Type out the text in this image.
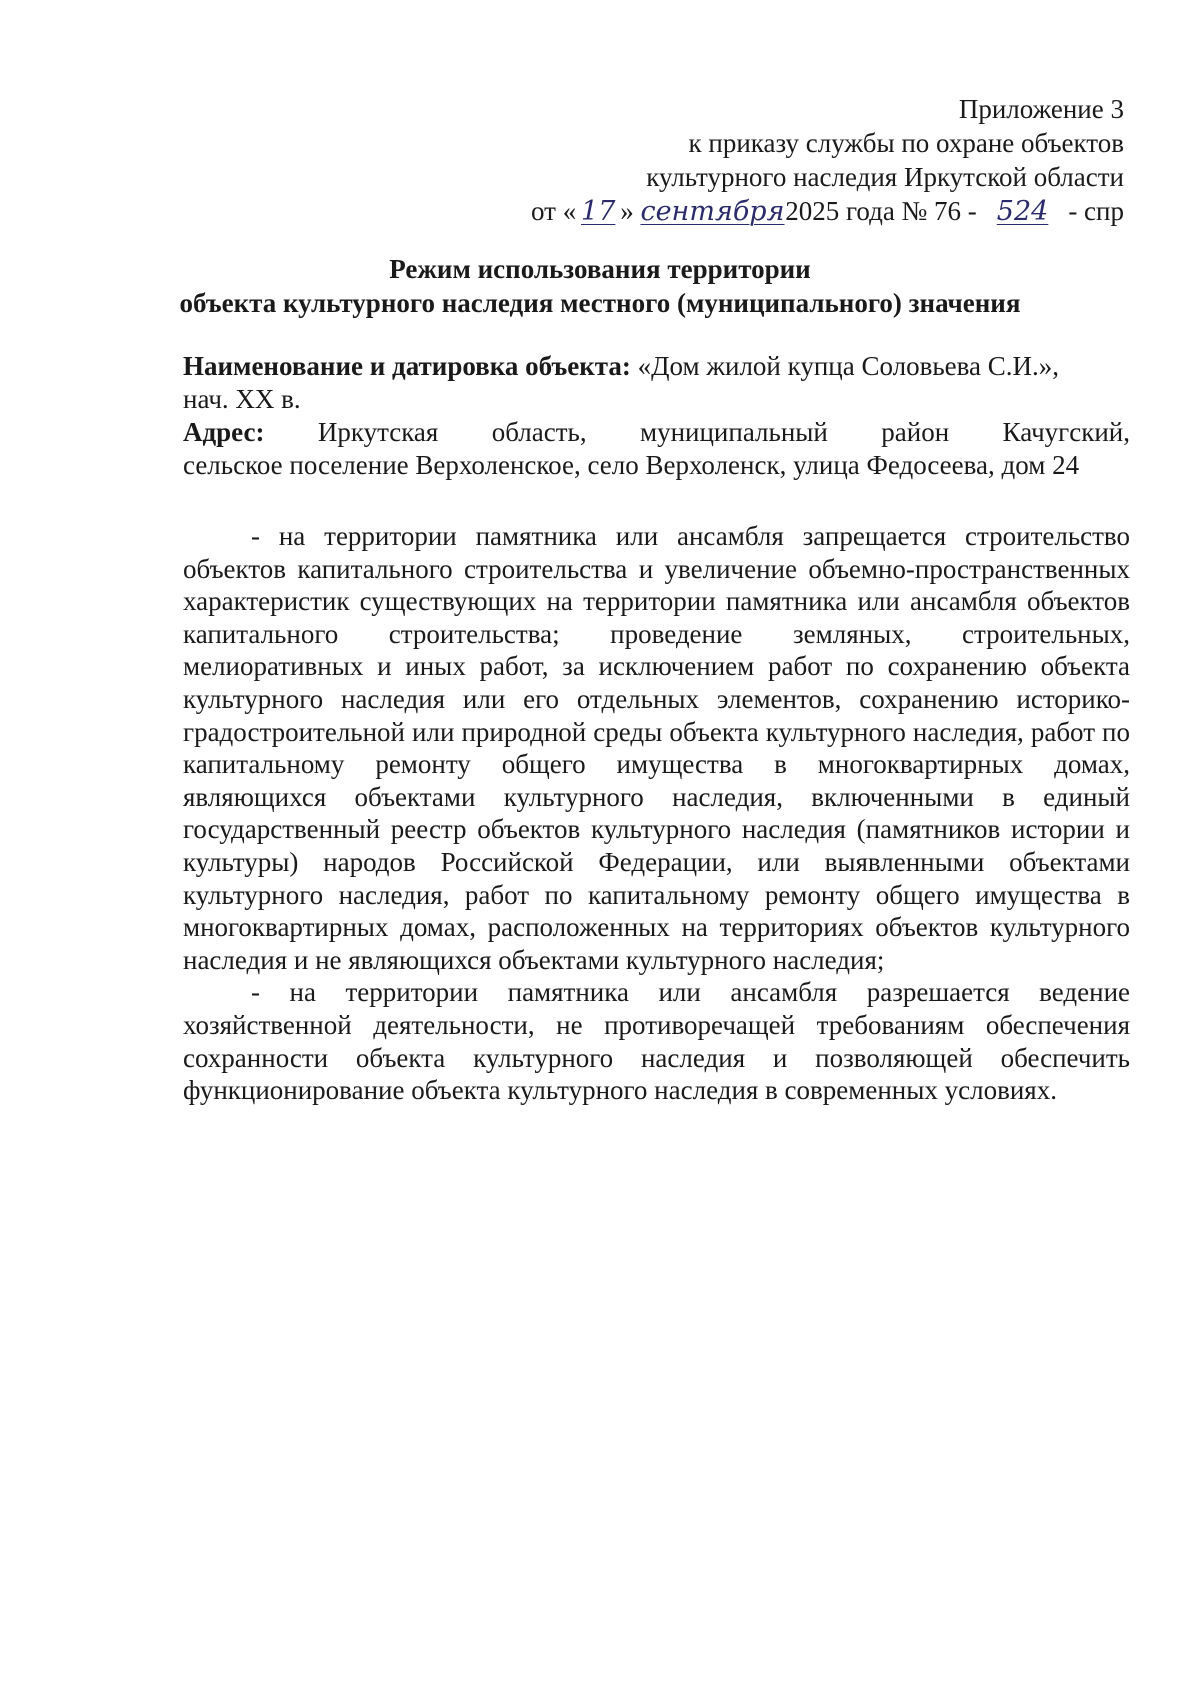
Приложение 3
к приказу службы по охране объектов
культурного наследия Иркутской области
от « 17 » сентября 2025 года № 76 - 524 - спр
Режим использования территории
объекта культурного наследия местного (муниципального) значения
Наименование и датировка объекта: «Дом жилой купца Соловьева С.И.»,
нач. XX в.
Адрес: Иркутская область, муниципальный район Качугский,
сельское поселение Верхоленское, село Верхоленск, улица Федосеева, дом 24

- на территории памятника или ансамбля запрещается строительство объектов капитального строительства и увеличение объемно-пространственных характеристик существующих на территории памятника или ансамбля объектов капитального строительства; проведение земляных, строительных, мелиоративных и иных работ, за исключением работ по сохранению объекта культурного наследия или его отдельных элементов, сохранению историко-градостроительной или природной среды объекта культурного наследия, работ по капитальному ремонту общего имущества в многоквартирных домах, являющихся объектами культурного наследия, включенными в единый государственный реестр объектов культурного наследия (памятников истории и культуры) народов Российской Федерации, или выявленными объектами культурного наследия, работ по капитальному ремонту общего имущества в многоквартирных домах, расположенных на территориях объектов культурного наследия и не являющихся объектами культурного наследия;

- на территории памятника или ансамбля разрешается ведение хозяйственной деятельности, не противоречащей требованиям обеспечения сохранности объекта культурного наследия и позволяющей обеспечить функционирование объекта культурного наследия в современных условиях.
